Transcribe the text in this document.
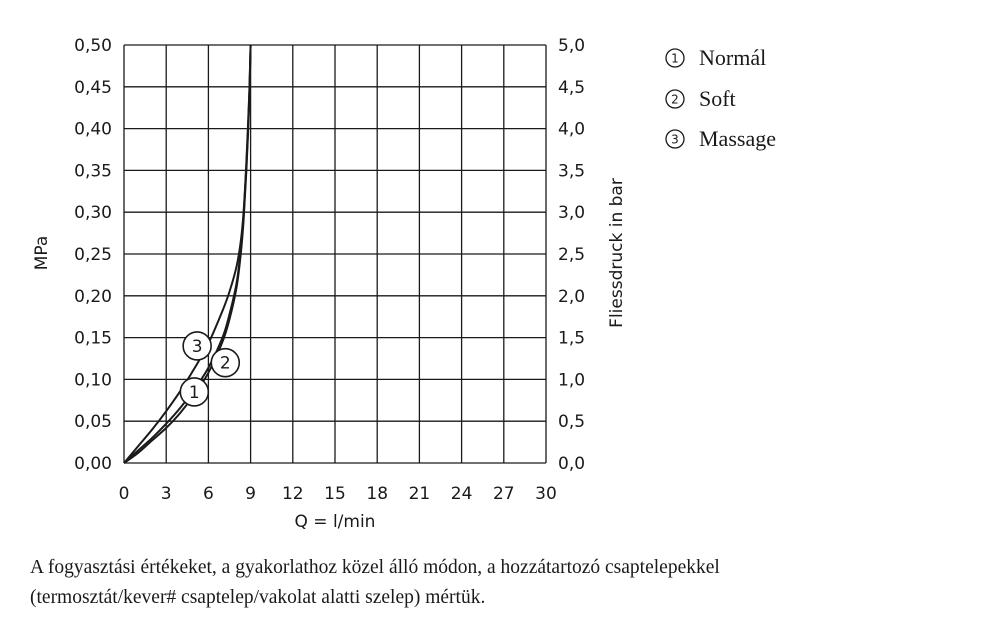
1
2
3
0 3 6 9 12 15 18 21 24 27 30
0,00
0,05
0,10
0,15
0,20
0,25
0,30
0,35
0,40
0,45
0,50
0,0
0,5
1,0
1,5
2,0
2,5
3,0
3,5
4,0
4,5
5,0
Q = l/min
MPa	Fliessdruck in bar
1 Normál
2 Soft
3 Massage
A fogyasztási értékeket, a gyakorlathoz közel álló módon, a hozzátartozó csaptelepekkel
(termosztát/kever# csaptelep/vakolat alatti szelep) mértük.
